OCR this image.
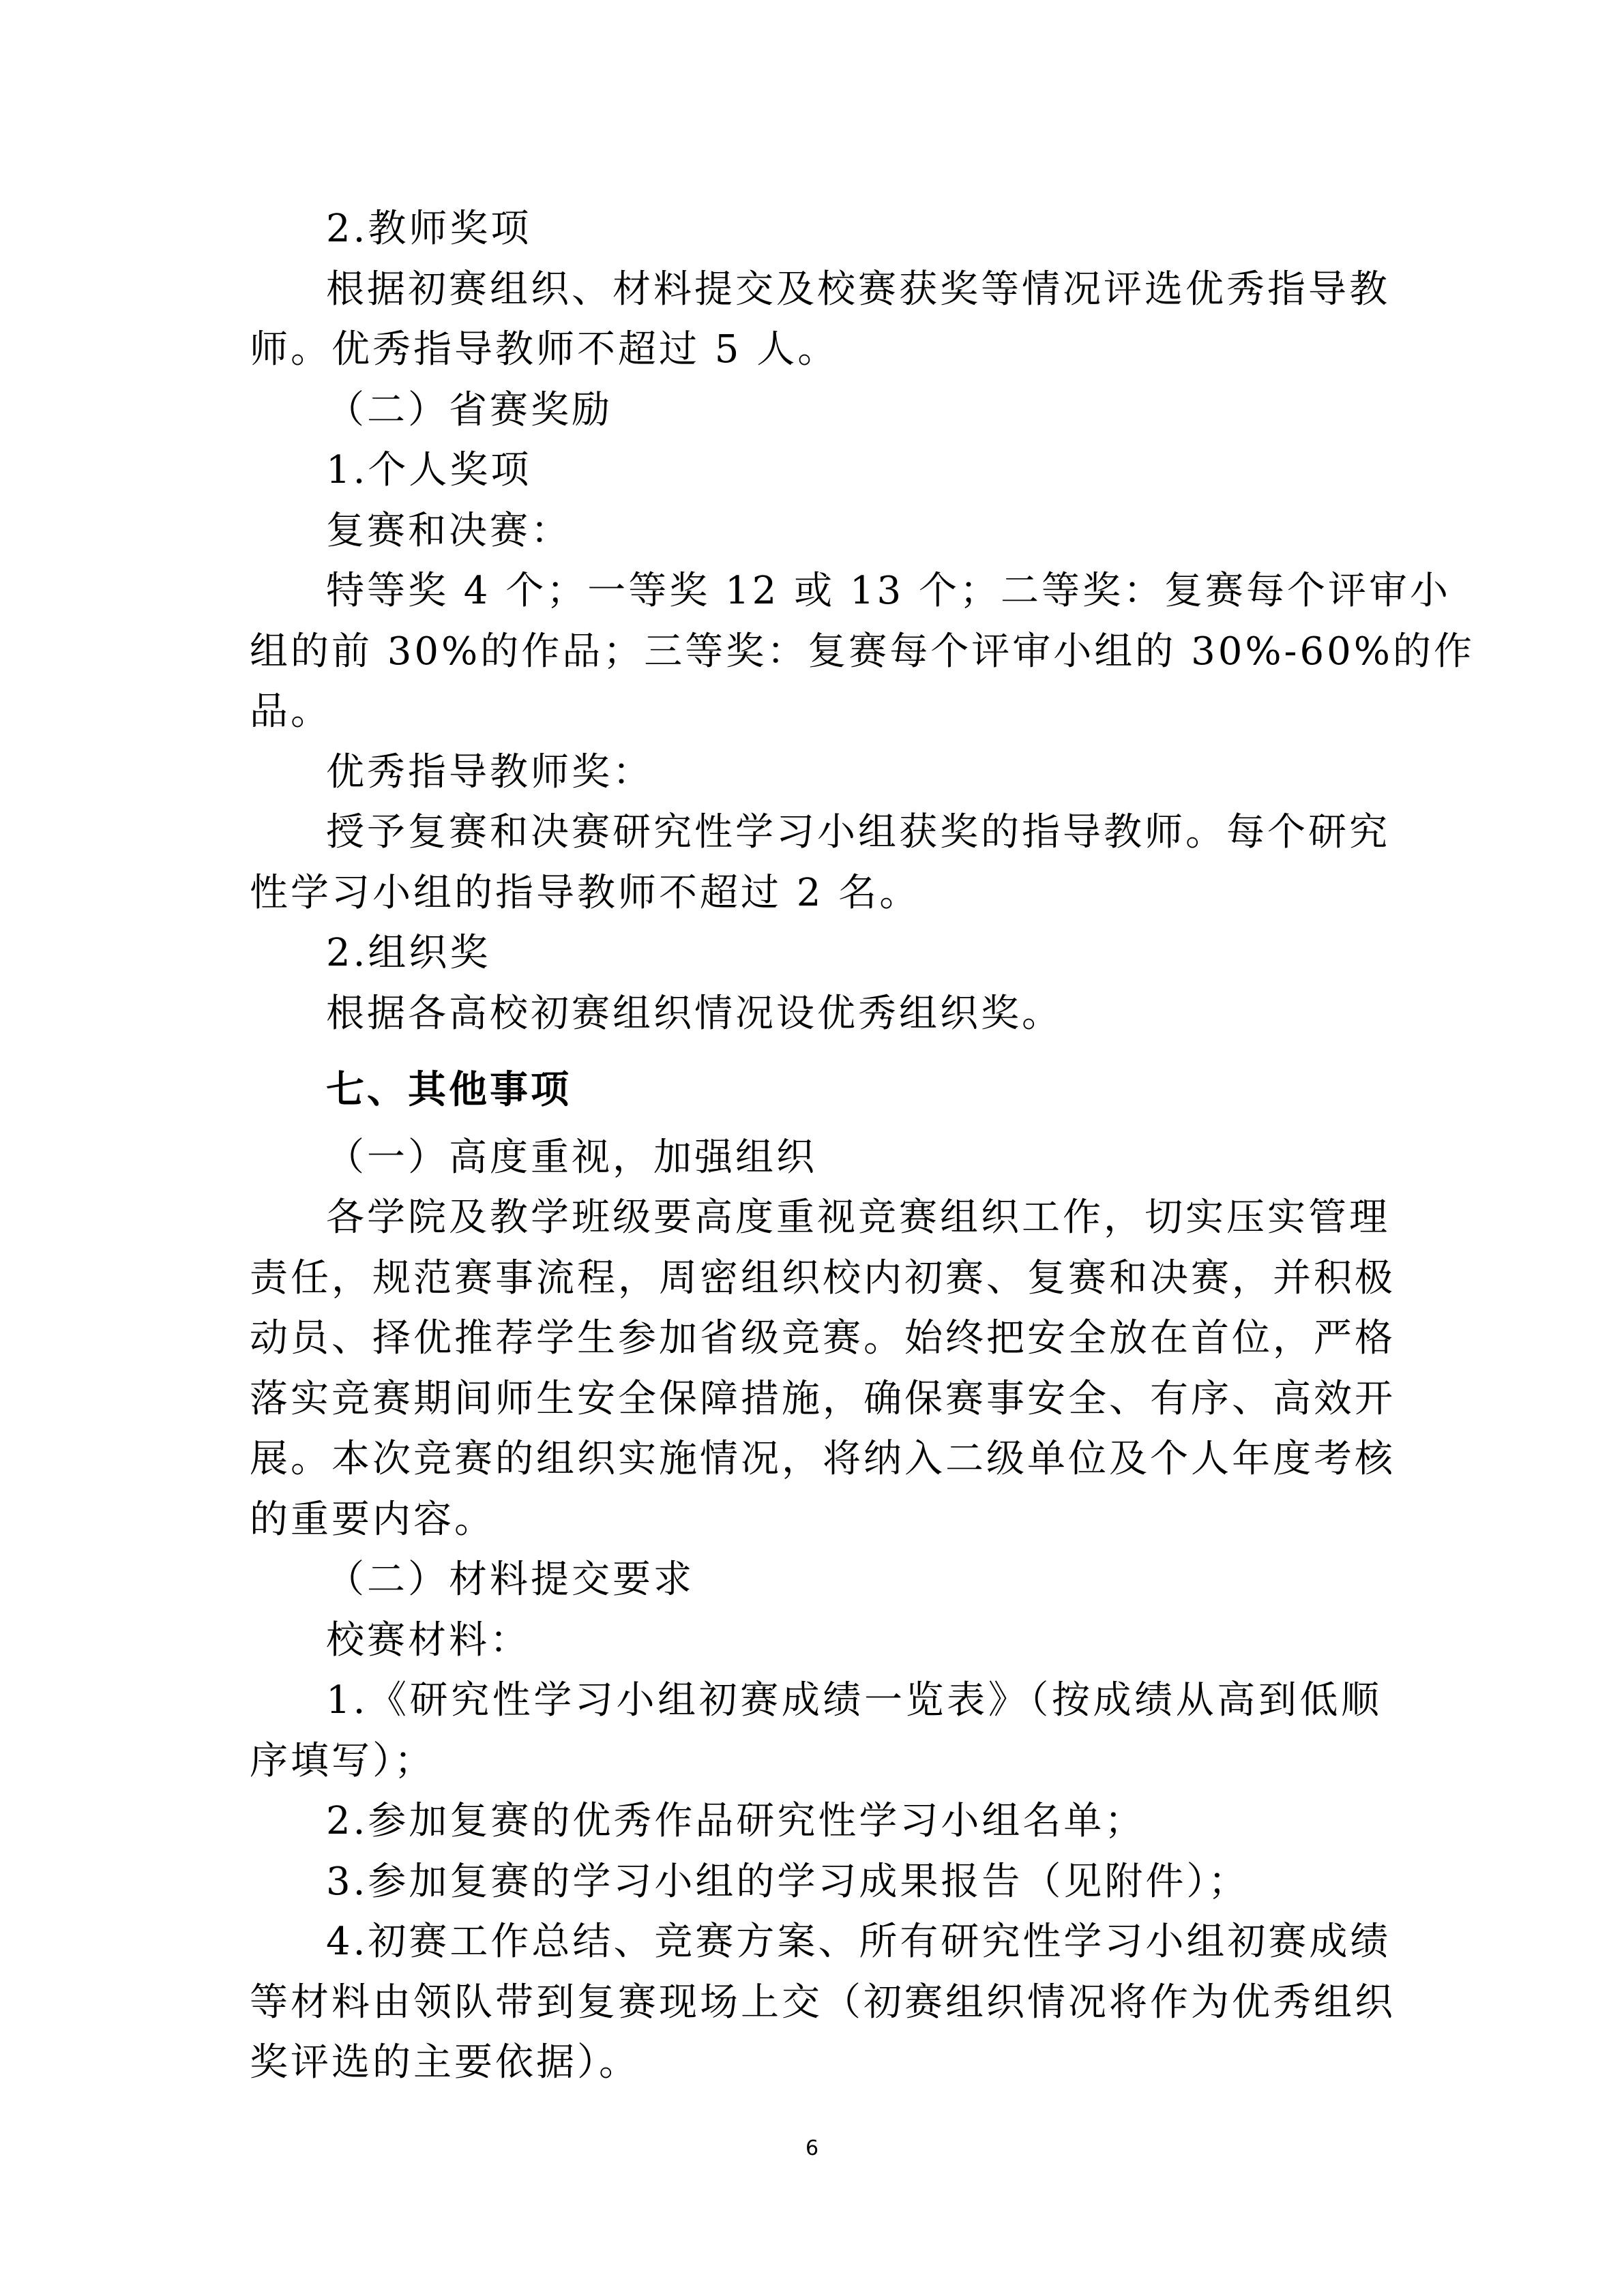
2.教师奖项
根据初赛组织、材料提交及校赛获奖等情况评选优秀指导教
师。优秀指导教师不超过 5 人。
（二）省赛奖励
1.个人奖项
复赛和决赛：
特等奖 4 个；一等奖 12 或 13 个；二等奖：复赛每个评审小
组的前 30%的作品；三等奖：复赛每个评审小组的 30%-60%的作
品。
优秀指导教师奖：
授予复赛和决赛研究性学习小组获奖的指导教师。每个研究
性学习小组的指导教师不超过 2 名。
2.组织奖
根据各高校初赛组织情况设优秀组织奖。
七、其他事项
（一）高度重视，加强组织
各学院及教学班级要高度重视竞赛组织工作，切实压实管理
责任，规范赛事流程，周密组织校内初赛、复赛和决赛，并积极
动员、择优推荐学生参加省级竞赛。始终把安全放在首位，严格
落实竞赛期间师生安全保障措施，确保赛事安全、有序、高效开
展。本次竞赛的组织实施情况，将纳入二级单位及个人年度考核
的重要内容。
（二）材料提交要求
校赛材料：
1.《研究性学习小组初赛成绩一览表》（按成绩从高到低顺
序填写）；
2.参加复赛的优秀作品研究性学习小组名单；
3.参加复赛的学习小组的学习成果报告（见附件）；
4.初赛工作总结、竞赛方案、所有研究性学习小组初赛成绩
等材料由领队带到复赛现场上交（初赛组织情况将作为优秀组织
奖评选的主要依据）。
6
